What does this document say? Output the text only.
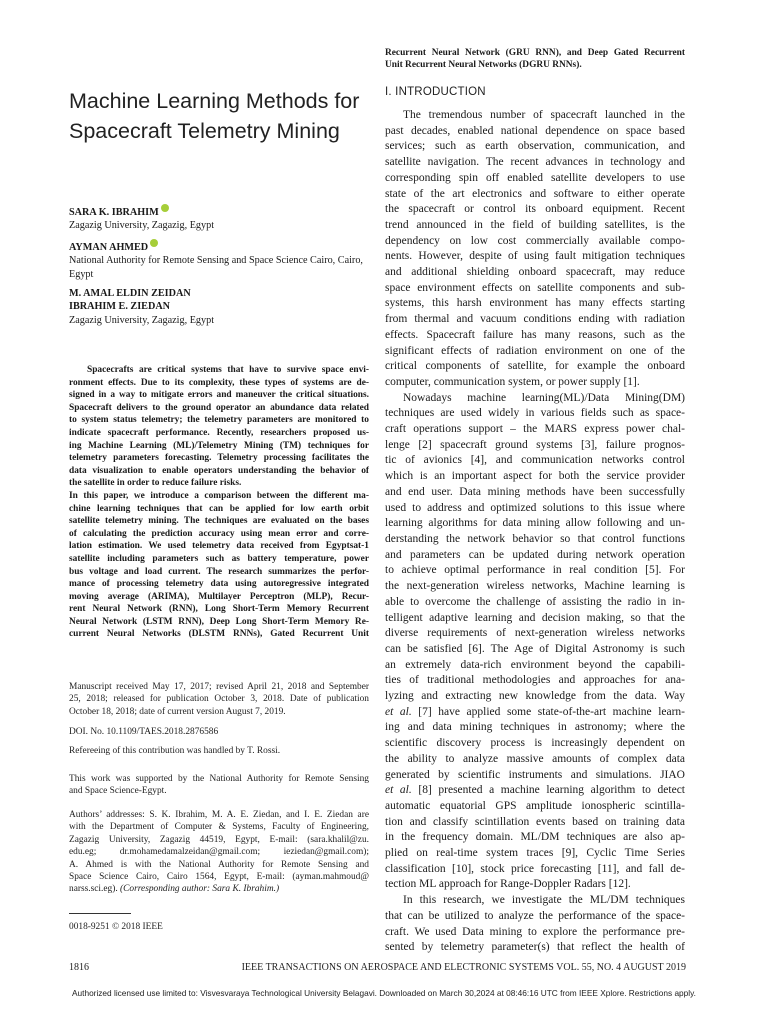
Machine Learning Methods for
Spacecraft Telemetry Mining
SARA K. IBRAHIM
Zagazig University, Zagazig, Egypt
AYMAN AHMED
National Authority for Remote Sensing and Space Science Cairo, Cairo,
Egypt
M. AMAL ELDIN ZEIDAN
IBRAHIM E. ZIEDAN
Zagazig University, Zagazig, Egypt
Spacecrafts are critical systems that have to survive space envi-
ronment effects. Due to its complexity, these types of systems are de-
signed in a way to mitigate errors and maneuver the critical situations.
Spacecraft delivers to the ground operator an abundance data related
to system status telemetry; the telemetry parameters are monitored to
indicate spacecraft performance. Recently, researchers proposed us-
ing Machine Learning (ML)/Telemetry Mining (TM) techniques for
telemetry parameters forecasting. Telemetry processing facilitates the
data visualization to enable operators understanding the behavior of
the satellite in order to reduce failure risks.
In this paper, we introduce a comparison between the different ma-
chine learning techniques that can be applied for low earth orbit
satellite telemetry mining. The techniques are evaluated on the bases
of calculating the prediction accuracy using mean error and corre-
lation estimation. We used telemetry data received from Egyptsat-1
satellite including parameters such as battery temperature, power
bus voltage and load current. The research summarizes the perfor-
mance of processing telemetry data using autoregressive integrated
moving average (ARIMA), Multilayer Perceptron (MLP), Recur-
rent Neural Network (RNN), Long Short-Term Memory Recurrent
Neural Network (LSTM RNN), Deep Long Short-Term Memory Re-
current Neural Networks (DLSTM RNNs), Gated Recurrent Unit
Manuscript received May 17, 2017; revised April 21, 2018 and September
25, 2018; released for publication October 3, 2018. Date of publication
October 18, 2018; date of current version August 7, 2019.
DOI. No. 10.1109/TAES.2018.2876586
Refereeing of this contribution was handled by T. Rossi.
This work was supported by the National Authority for Remote Sensing
and Space Science-Egypt.
Authors’ addresses: S. K. Ibrahim, M. A. E. Ziedan, and I. E. Ziedan are
with the Department of Computer & Systems, Faculty of Engineering,
Zagazig University, Zagazig 44519, Egypt, E-mail: (sara.khalil@zu.
edu.eg; dr.mohamedamalzeidan@gmail.com; ieziedan@gmail.com);
A. Ahmed is with the National Authority for Remote Sensing and
Space Science Cairo, Cairo 1564, Egypt, E-mail: (ayman.mahmoud@
narss.sci.eg). (Corresponding author: Sara K. Ibrahim.)
0018-9251 © 2018 IEEE
Recurrent Neural Network (GRU RNN), and Deep Gated Recurrent
Unit Recurrent Neural Networks (DGRU RNNs).
I. INTRODUCTION
The tremendous number of spacecraft launched in the
past decades, enabled national dependence on space based
services; such as earth observation, communication, and
satellite navigation. The recent advances in technology and
corresponding spin off enabled satellite developers to use
state of the art electronics and software to either operate
the spacecraft or control its onboard equipment. Recent
trend announced in the field of building satellites, is the
dependency on low cost commercially available compo-
nents. However, despite of using fault mitigation techniques
and additional shielding onboard spacecraft, may reduce
space environment effects on satellite components and sub-
systems, this harsh environment has many effects starting
from thermal and vacuum conditions ending with radiation
effects. Spacecraft failure has many reasons, such as the
significant effects of radiation environment on one of the
critical components of satellite, for example the onboard
computer, communication system, or power supply [1].
Nowadays machine learning(ML)/Data Mining(DM)
techniques are used widely in various fields such as space-
craft operations support – the MARS express power chal-
lenge [2] spacecraft ground systems [3], failure prognos-
tic of avionics [4], and communication networks control
which is an important aspect for both the service provider
and end user. Data mining methods have been successfully
used to address and optimized solutions to this issue where
learning algorithms for data mining allow following and un-
derstanding the network behavior so that control functions
and parameters can be updated during network operation
to achieve optimal performance in real condition [5]. For
the next-generation wireless networks, Machine learning is
able to overcome the challenge of assisting the radio in in-
telligent adaptive learning and decision making, so that the
diverse requirements of next-generation wireless networks
can be satisfied [6]. The Age of Digital Astronomy is such
an extremely data-rich environment beyond the capabili-
ties of traditional methodologies and approaches for ana-
lyzing and extracting new knowledge from the data. Way
et al. [7] have applied some state-of-the-art machine learn-
ing and data mining techniques in astronomy; where the
scientific discovery process is increasingly dependent on
the ability to analyze massive amounts of complex data
generated by scientific instruments and simulations. JIAO
et al. [8] presented a machine learning algorithm to detect
automatic equatorial GPS amplitude ionospheric scintilla-
tion and classify scintillation events based on training data
in the frequency domain. ML/DM techniques are also ap-
plied on real-time system traces [9], Cyclic Time Series
classification [10], stock price forecasting [11], and fall de-
tection ML approach for Range-Doppler Radars [12].
In this research, we investigate the ML/DM techniques
that can be utilized to analyze the performance of the space-
craft. We used Data mining to explore the performance pre-
sented by telemetry parameter(s) that reflect the health of
1816	IEEE TRANSACTIONS ON AEROSPACE AND ELECTRONIC SYSTEMS VOL. 55, NO. 4 AUGUST 2019
Authorized licensed use limited to: Visvesvaraya Technological University Belagavi. Downloaded on March 30,2024 at 08:46:16 UTC from IEEE Xplore. Restrictions apply.
